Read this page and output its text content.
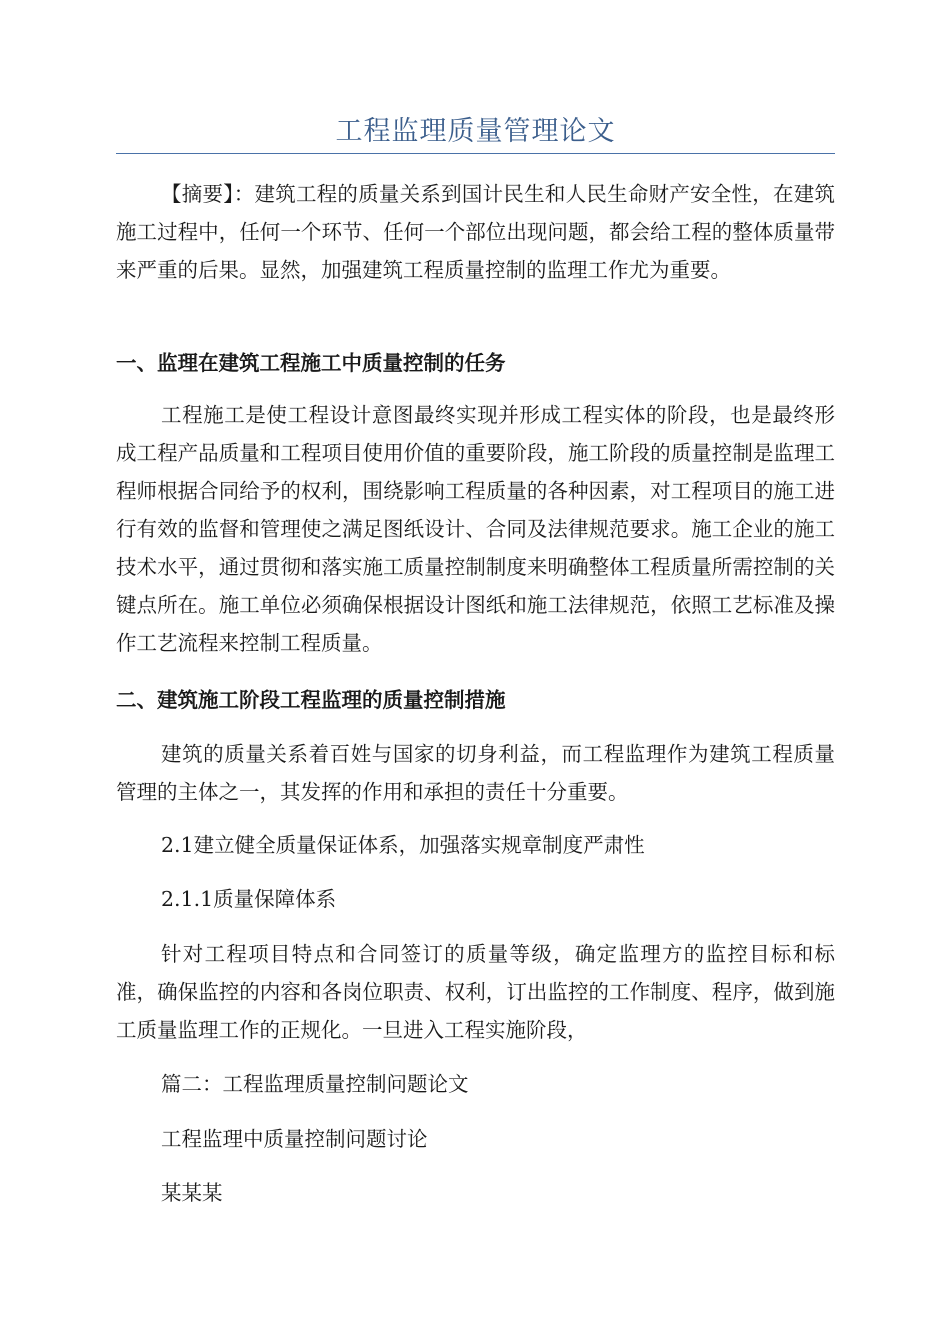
工程监理质量管理论文

【摘要】：建筑工程的质量关系到国计民生和人民生命财产安全性，在建筑施工过程中，任何一个环节、任何一个部位出现问题，都会给工程的整体质量带来严重的后果。显然，加强建筑工程质量控制的监理工作尤为重要。

一、监理在建筑工程施工中质量控制的任务

工程施工是使工程设计意图最终实现并形成工程实体的阶段，也是最终形成工程产品质量和工程项目使用价值的重要阶段，施工阶段的质量控制是监理工程师根据合同给予的权利，围绕影响工程质量的各种因素，对工程项目的施工进行有效的监督和管理使之满足图纸设计、合同及法律规范要求。施工企业的施工技术水平，通过贯彻和落实施工质量控制制度来明确整体工程质量所需控制的关键点所在。施工单位必须确保根据设计图纸和施工法律规范，依照工艺标准及操作工艺流程来控制工程质量。

二、建筑施工阶段工程监理的质量控制措施

建筑的质量关系着百姓与国家的切身利益，而工程监理作为建筑工程质量管理的主体之一，其发挥的作用和承担的责任十分重要。

2.1建立健全质量保证体系，加强落实规章制度严肃性

2.1.1质量保障体系

针对工程项目特点和合同签订的质量等级，确定监理方的监控目标和标准，确保监控的内容和各岗位职责、权利，订出监控的工作制度、程序，做到施工质量监理工作的正规化。一旦进入工程实施阶段，

篇二：工程监理质量控制问题论文

工程监理中质量控制问题讨论

某某某
